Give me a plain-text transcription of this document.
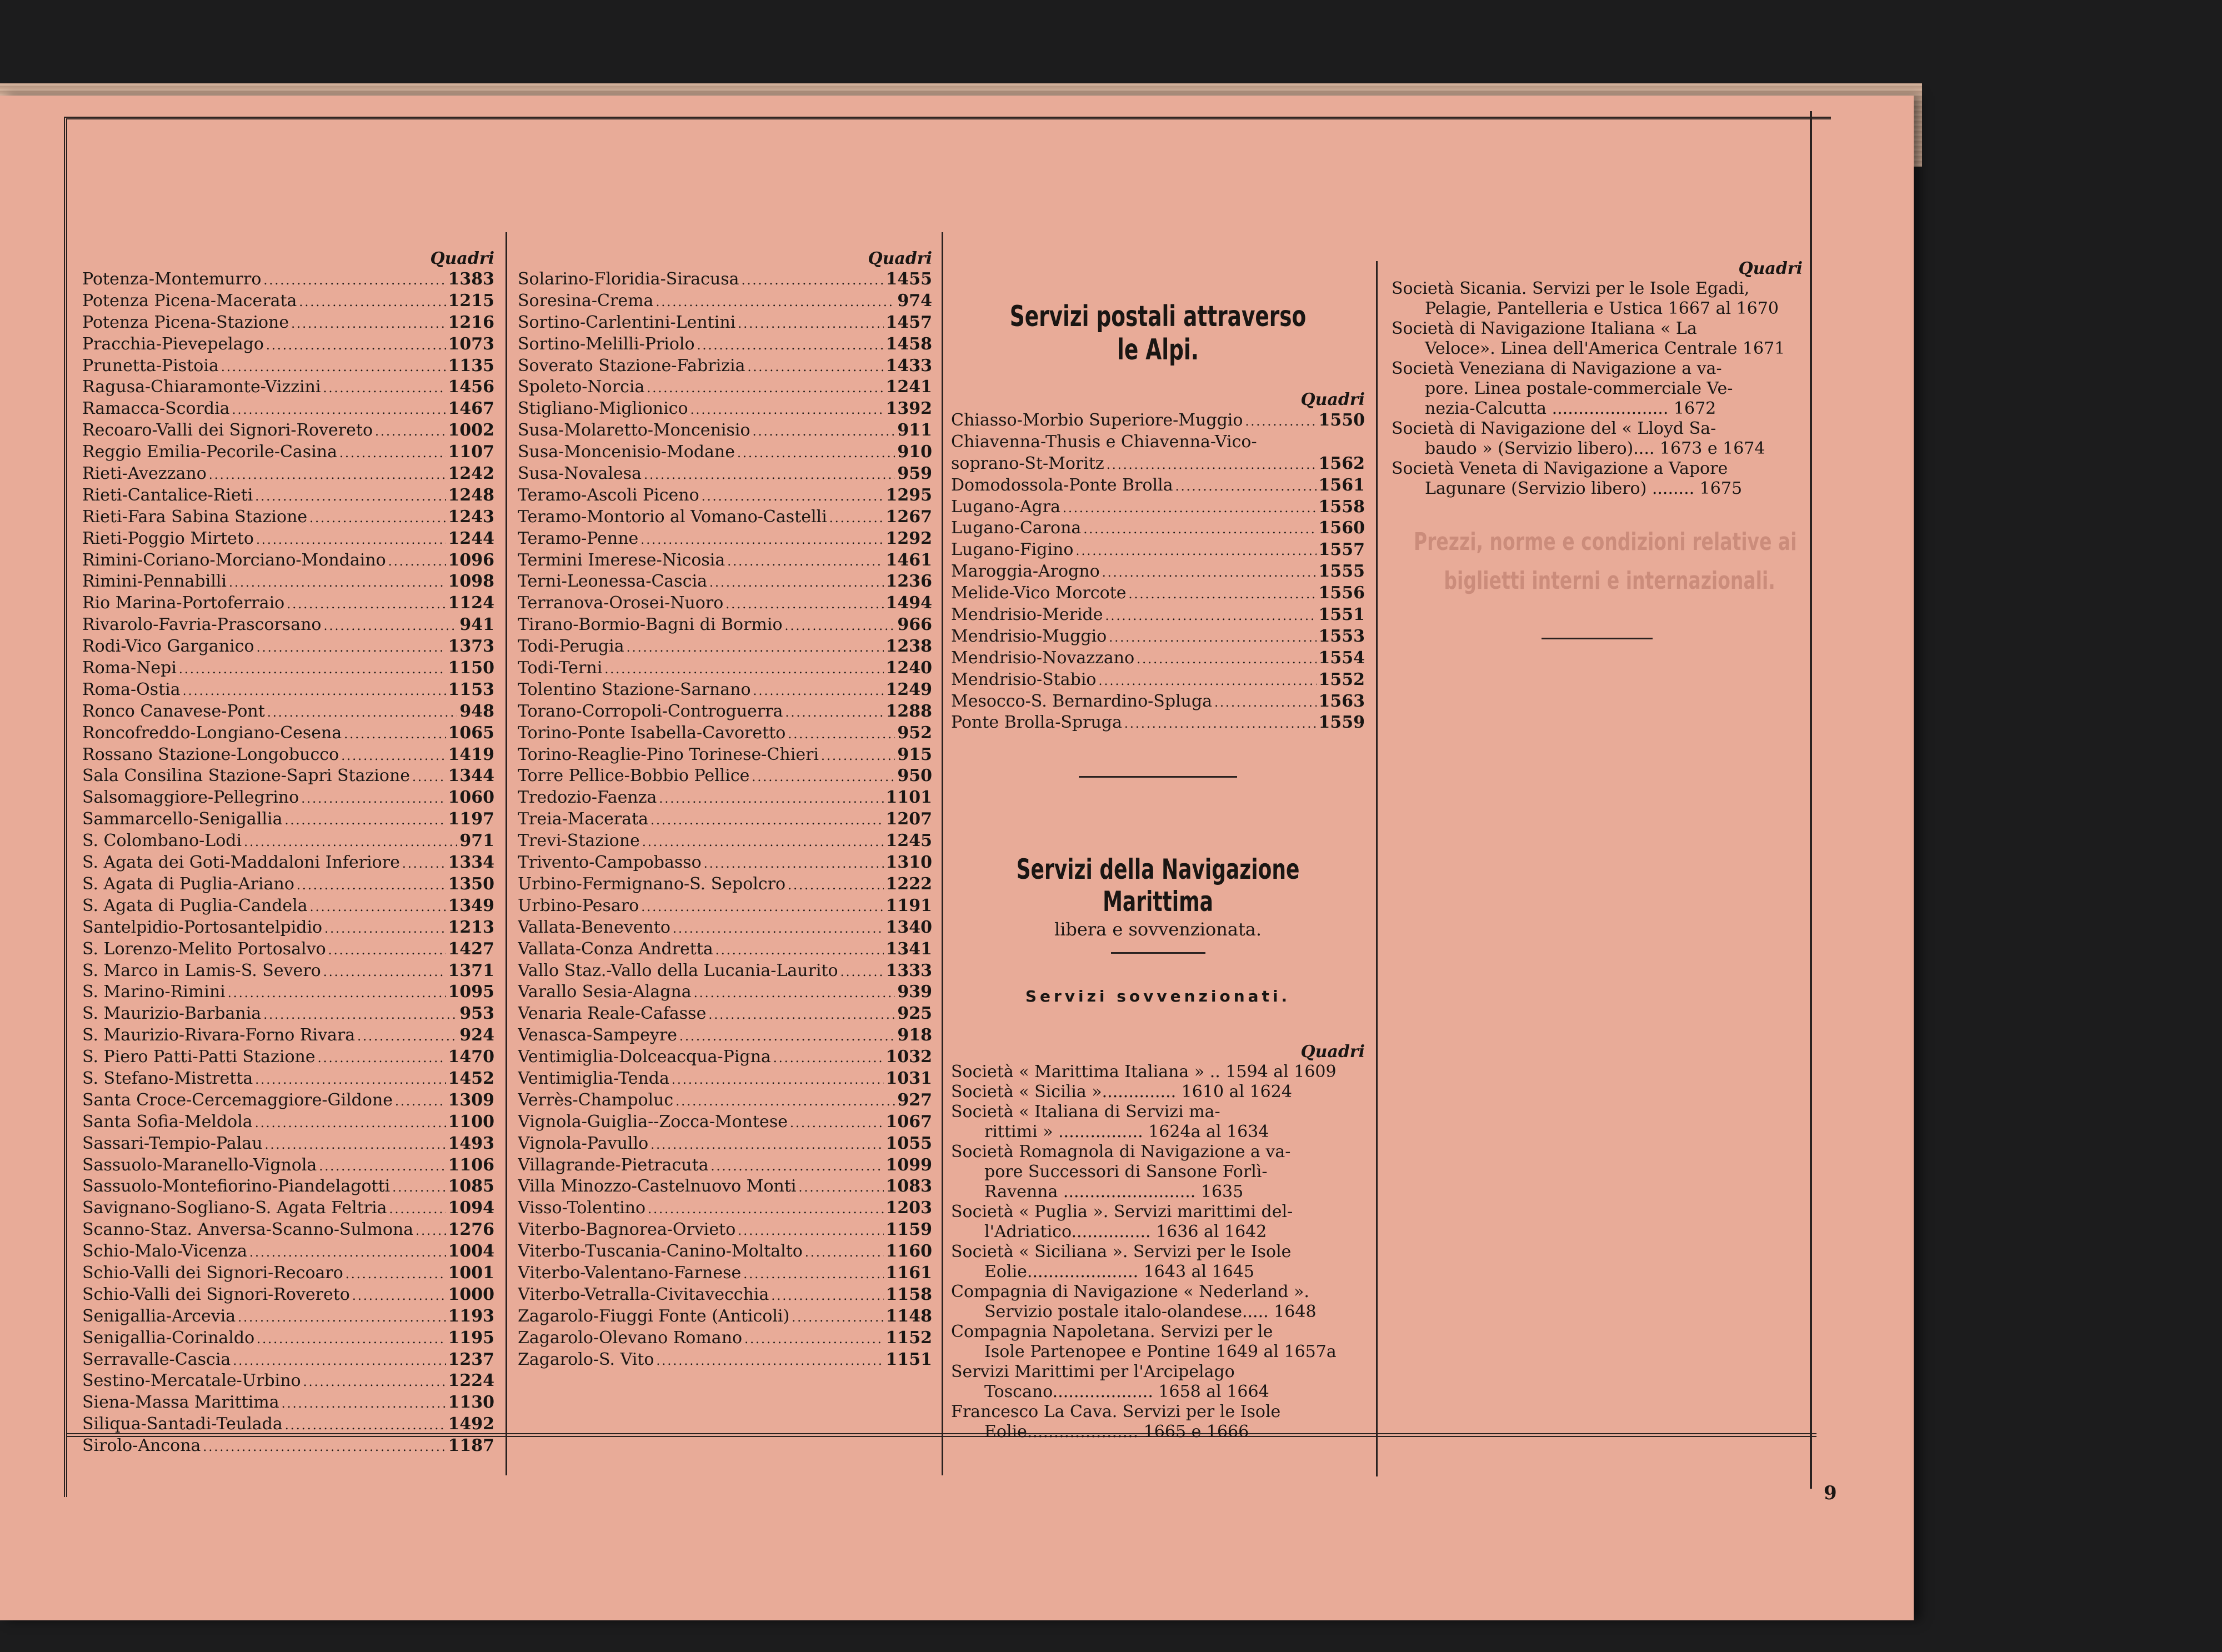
Prezzi, norme e condizioni relative ai
biglietti interni e internazionali.
Quadri
Potenza-Montemurro . . .	1383
Potenza Picena-Macerata . . .	1215
Potenza Picena-Stazione . . .	1216
Pracchia-Pievepelago . . .	1073
Prunetta-Pistoia . . .	1135
Ragusa-Chiaramonte-Vizzini . . .	1456
Ramacca-Scordia . . .	1467
Recoaro-Valli dei Signori-Rovereto . . .	1002
Reggio Emilia-Pecorile-Casina . . .	1107
Rieti-Avezzano . . .	1242
Rieti-Cantalice-Rieti . . .	1248
Rieti-Fara Sabina Stazione . . .	1243
Rieti-Poggio Mirteto . . .	1244
Rimini-Coriano-Morciano-Mondaino . . .	1096
Rimini-Pennabilli . . .	1098
Rio Marina-Portoferraio . . .	1124
Rivarolo-Favria-Prascorsano . . .	941
Rodi-Vico Garganico . . .	1373
Roma-Nepi . . .	1150
Roma-Ostia . . .	1153
Ronco Canavese-Pont . . .	948
Roncofreddo-Longiano-Cesena . . .	1065
Rossano Stazione-Longobucco . . .	1419
Sala Consilina Stazione-Sapri Stazione . . . 1344
Salsomaggiore-Pellegrino . . .	1060
Sammarcello-Senigallia . . .	1197
S. Colombano-Lodi . . .	971
S. Agata dei Goti-Maddaloni Inferiore . . .	1334
S. Agata di Puglia-Ariano . . .	1350
S. Agata di Puglia-Candela . . .	1349
Santelpidio-Portosantelpidio . . .	1213
S. Lorenzo-Melito Portosalvo . . .	1427
S. Marco in Lamis-S. Severo . . .	1371
S. Marino-Rimini . . .	1095
S. Maurizio-Barbania . . .	953
S. Maurizio-Rivara-Forno Rivara . . .	924
S. Piero Patti-Patti Stazione . . .	1470
S. Stefano-Mistretta . . .	1452
Santa Croce-Cercemaggiore-Gildone . . .	1309
Santa Sofia-Meldola . . .	1100
Sassari-Tempio-Palau . . .	1493
Sassuolo-Maranello-Vignola . . .	1106
Sassuolo-Montefiorino-Piandelagotti . . .	1085
Savignano-Sogliano-S. Agata Feltria . . .	1094
Scanno-Staz. Anversa-Scanno-Sulmona . . . 1276
Schio-Malo-Vicenza . . .	1004
Schio-Valli dei Signori-Recoaro . . .	1001
Schio-Valli dei Signori-Rovereto . . .	1000
Senigallia-Arcevia . . .	1193
Senigallia-Corinaldo . . .	1195
Serravalle-Cascia . . .	1237
Sestino-Mercatale-Urbino . . .	1224
Siena-Massa Marittima . . .	1130
Siliqua-Santadi-Teulada . . .	1492
Sirolo-Ancona . . .	1187
Quadri
Solarino-Floridia-Siracusa . . .	1455
Soresina-Crema . . .	974
Sortino-Carlentini-Lentini . . .	1457
Sortino-Melilli-Priolo . . .	1458
Soverato Stazione-Fabrizia . . .	1433
Spoleto-Norcia . . .	1241
Stigliano-Miglionico . . .	1392
Susa-Molaretto-Moncenisio . . .	911
Susa-Moncenisio-Modane . . .	910
Susa-Novalesa . . .	959
Teramo-Ascoli Piceno . . .	1295
Teramo-Montorio al Vomano-Castelli . . .	1267
Teramo-Penne . . .	1292
Termini Imerese-Nicosia . . .	1461
Terni-Leonessa-Cascia . . .	1236
Terranova-Orosei-Nuoro . . .	1494
Tirano-Bormio-Bagni di Bormio . . .	966
Todi-Perugia . . .	1238
Todi-Terni . . .	1240
Tolentino Stazione-Sarnano . . .	1249
Torano-Corropoli-Controguerra . . .	1288
Torino-Ponte Isabella-Cavoretto . . .	952
Torino-Reaglie-Pino Torinese-Chieri . . .	915
Torre Pellice-Bobbio Pellice . . .	950
Tredozio-Faenza . . .	1101
Treia-Macerata . . .	1207
Trevi-Stazione . . .	1245
Trivento-Campobasso . . .	1310
Urbino-Fermignano-S. Sepolcro . . .	1222
Urbino-Pesaro . . .	1191
Vallata-Benevento . . .	1340
Vallata-Conza Andretta . . .	1341
Vallo Staz.-Vallo della Lucania-Laurito . . .	1333
Varallo Sesia-Alagna . . .	939
Venaria Reale-Cafasse . . .	925
Venasca-Sampeyre . . .	918
Ventimiglia-Dolceacqua-Pigna . . .	1032
Ventimiglia-Tenda . . .	1031
Verrès-Champoluc . . .	927
Vignola-Guiglia--Zocca-Montese . . .	1067
Vignola-Pavullo . . .	1055
Villagrande-Pietracuta . . .	1099
Villa Minozzo-Castelnuovo Monti . . .	1083
Visso-Tolentino . . .	1203
Viterbo-Bagnorea-Orvieto . . .	1159
Viterbo-Tuscania-Canino-Moltalto . . .	1160
Viterbo-Valentano-Farnese . . .	1161
Viterbo-Vetralla-Civitavecchia . . .	1158
Zagarolo-Fiuggi Fonte (Anticoli) . . .	1148
Zagarolo-Olevano Romano . . .	1152
Zagarolo-S. Vito . . .	1151
Servizi postali attraverso le Alpi.
Quadri
Chiasso-Morbio Superiore-Muggio . . .	1550
Chiavenna-Thusis e Chiavenna-Vico-
soprano-St-Moritz . . .	1562
Domodossola-Ponte Brolla . . .	1561
Lugano-Agra . . .	1558
Lugano-Carona . . .	1560
Lugano-Figino . . .	1557
Maroggia-Arogno . . .	1555
Melide-Vico Morcote . . .	1556
Mendrisio-Meride . . .	1551
Mendrisio-Muggio . . .	1553
Mendrisio-Novazzano . . .	1554
Mendrisio-Stabio . . .	1552
Mesocco-S. Bernardino-Spluga . . .	1563
Ponte Brolla-Spruga . . .	1559
Servizi della Navigazione Marittima
libera e sovvenzionata.
Servizi sovvenzionati.
Quadri
Società « Marittima Italiana » .. 1594 al 1609
Società « Sicilia ».............. 1610 al 1624
Società « Italiana di Servizi ma-
rittimi » ................ 1624a al 1634
Società Romagnola di Navigazione a va-
pore Successori di Sansone Forlì-
Ravenna ......................... 1635
Società « Puglia ». Servizi marittimi del-
l'Adriatico............... 1636 al 1642
Società « Siciliana ». Servizi per le Isole
Eolie..................... 1643 al 1645
Compagnia di Navigazione « Nederland ».
Servizio postale italo-olandese..... 1648
Compagnia Napoletana. Servizi per le
Isole Partenopee e Pontine 1649 al 1657a
Servizi Marittimi per l'Arcipelago
Toscano................... 1658 al 1664
Francesco La Cava. Servizi per le Isole
Eolie..................... 1665 e 1666
Quadri
Società Sicania. Servizi per le Isole Egadi,
Pelagie, Pantelleria e Ustica 1667 al 1670
Società di Navigazione Italiana « La
Veloce». Linea dell'America Centrale 1671
Società Veneziana di Navigazione a va-
pore. Linea postale-commerciale Ve-
nezia-Calcutta ...................... 1672
Società di Navigazione del « Lloyd Sa-
baudo » (Servizio libero).... 1673 e 1674
Società Veneta di Navigazione a Vapore
Lagunare (Servizio libero) ........ 1675
9
